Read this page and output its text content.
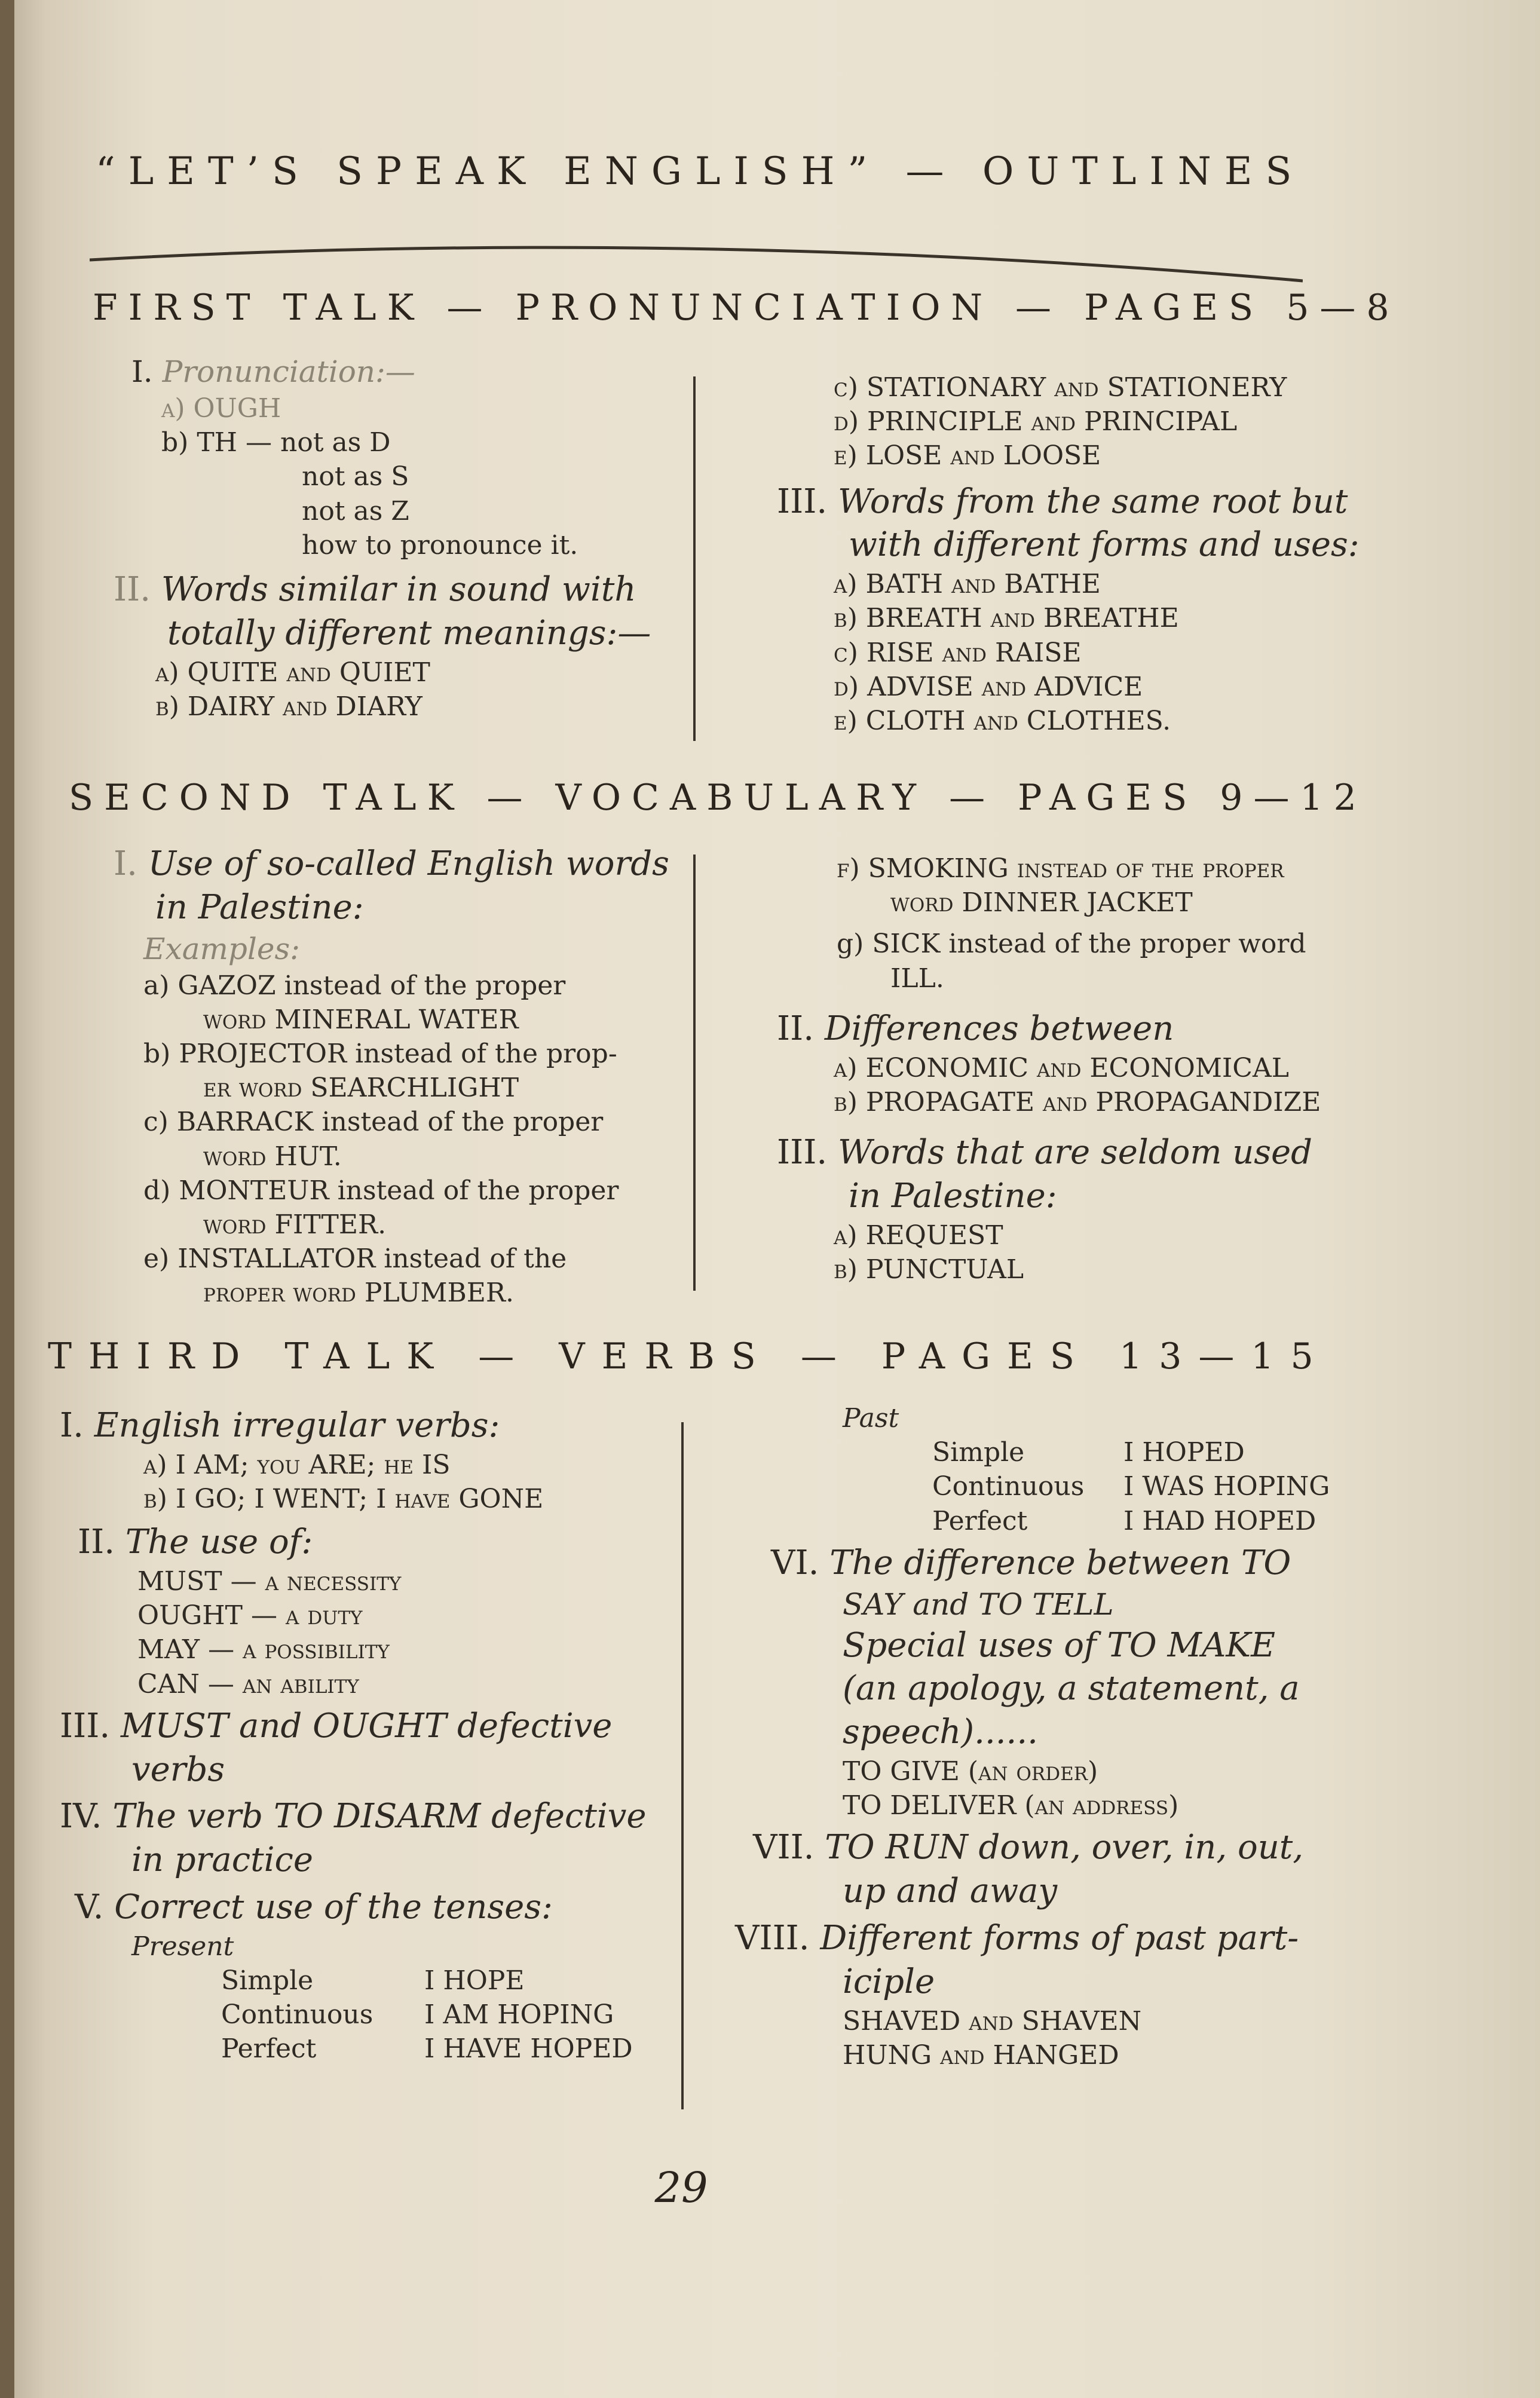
“LET’S SPEAK ENGLISH” — OUTLINES
FIRST TALK — PRONUNCIATION — PAGES 5—8
I. Pronunciation:—
a) OUGH
b) TH — not as D
not as S
not as Z
how to pronounce it.
II. Words similar in sound with
totally different meanings:—
a) QUITE and QUIET
b) DAIRY and DIARY
c) STATIONARY and STATIONERY
d) PRINCIPLE and PRINCIPAL
e) LOSE and LOOSE
III. Words from the same root but
with different forms and uses:
a) BATH and BATHE
b) BREATH and BREATHE
c) RISE and RAISE
d) ADVISE and ADVICE
e) CLOTH and CLOTHES.
SECOND TALK — VOCABULARY — PAGES 9—12
I. Use of so-called English words
in Palestine:
Examples:
a) GAZOZ instead of the proper
word MINERAL WATER
b) PROJECTOR instead of the prop-
er word SEARCHLIGHT
c) BARRACK instead of the proper
word HUT.
d) MONTEUR instead of the proper
word FITTER.
e) INSTALLATOR instead of the
proper word PLUMBER.
f) SMOKING instead of the proper
word DINNER JACKET
g) SICK instead of the proper word
ILL.
II. Differences between
a) ECONOMIC and ECONOMICAL
b) PROPAGATE and PROPAGANDIZE
III. Words that are seldom used
in Palestine:
a) REQUEST
b) PUNCTUAL
THIRD TALK — VERBS — PAGES 13—15
I. English irregular verbs:
a) I AM; you ARE; he IS
b) I GO; I WENT; I have GONE
II. The use of:
MUST — a necessity
OUGHT — a duty
MAY — a possibility
CAN — an ability
III. MUST and OUGHT defective
verbs
IV. The verb TO DISARM defective
in practice
V. Correct use of the tenses:
Present
Simple	I HOPE
Continuous I AM HOPING
Perfect	I HAVE HOPED
Past
Simple	I HOPED
Continuous I WAS HOPING
Perfect	I HAD HOPED
VI. The difference between TO
SAY and TO TELL
Special uses of TO MAKE
(an apology, a statement, a
speech)......
TO GIVE (an order)
TO DELIVER (an address)
VII. TO RUN down, over, in, out,
up and away
VIII. Different forms of past part-
iciple
SHAVED and SHAVEN
HUNG and HANGED
29
